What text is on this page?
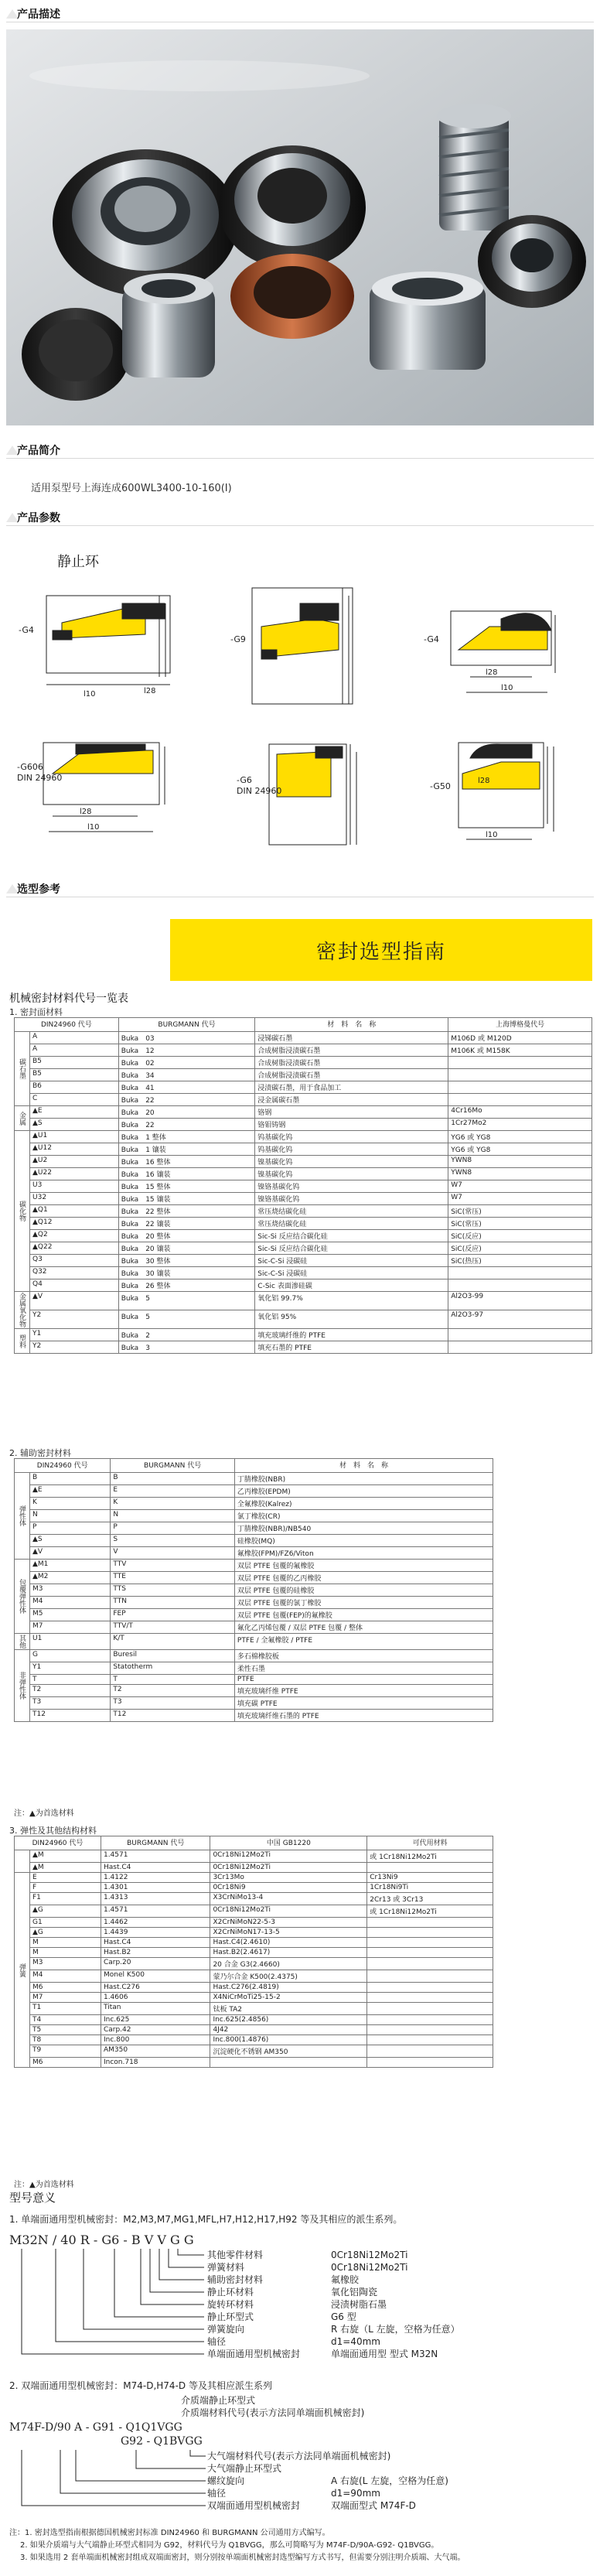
产品描述
产品简介
适用泵型号上海连成600WL3400-10-160(I)
产品参数
静止环
l28
l10
l28
l10
l28
l10
l10
l28
-G4
-G9	-G4
-G606
DIN 24960	-G6
DIN 24960	-G50
选型参考
密封选型指南
机械密封材料代号一览表
1. 密封面材料
DIN24960 代号		BURGMANN 代号	材　料　名　称	上海博格曼代号
碳石墨	A	Buka　03	浸锑碳石墨	M106D 或 M120D
	A	Buka　12	合成树脂浸渍碳石墨	M106K 或 M158K
	B5	Buka　02	合成树脂浸渍碳石墨	
	B5	Buka　34	合成树脂浸渍碳石墨	
	B6	Buka　41	浸渍碳石墨，用于食品加工	
	C	Buka　22	浸金属碳石墨	
金属	▲E	Buka　20	铬钢	4Cr16Mo
	▲S	Buka　22	铬钼铸钢	1Cr27Mo2
碳化物	▲U1	Buka　1 整体	钨基碳化钨	YG6 或 YG8
	▲U12	Buka　1 镶装	钨基碳化钨	YG6 或 YG8
	▲U2	Buka　16 整体	镍基碳化钨	YWN8
	▲U22	Buka　16 镶装	镍基碳化钨	YWN8
	U3	Buka　15 整体	镍铬基碳化钨	W7
	U32	Buka　15 镶装	镍铬基碳化钨	W7
	▲Q1	Buka　22 整体	常压烧结碳化硅	SiC(常压)
	▲Q12	Buka　22 镶装	常压烧结碳化硅	SiC(常压)
	▲Q2	Buka　20 整体	Sic-Si 反应结合碳化硅	SiC(反应)
	▲Q22	Buka　20 镶装	Sic-Si 反应结合碳化硅	SiC(反应)
	Q3	Buka　30 整体	Sic-C-Si 浸碳硅	SiC(热压)
	Q32	Buka　30 镶装	Sic-C-Si 浸碳硅	
	Q4	Buka　26 整体	C-Sic 表面渗硅碳	
金属氧化物	▲V	Buka　5	氧化铝 99.7%	Al2O3-99
	Y2	Buka　5	氧化铝 95%	Al2O3-97
塑料	Y1	Buka　2	填充玻璃纤维的 PTFE	
	Y2	Buka　3	填充石墨的 PTFE	
2. 辅助密封材料
DIN24960 代号		BURGMANN 代号	材　料　名　称
弹性体	B	B	丁腈橡胶(NBR)
	▲E	E	乙丙橡胶(EPDM)
	K	K	全氟橡胶(Kalrez)
	N	N	氯丁橡胶(CR)
	P	P	丁腈橡胶(NBR)/NB540
	▲S	S	硅橡胶(MQ)
	▲V	V	氟橡胶(FPM)/FZ6/Viton
包覆弹性体	▲M1	TTV	双层 PTFE 包覆的氟橡胶
	▲M2	TTE	双层 PTFE 包覆的乙丙橡胶
	M3	TTS	双层 PTFE 包覆的硅橡胶
	M4	TTN	双层 PTFE 包覆的氯丁橡胶
	M5	FEP	双层 PTFE 包覆(FEP)的氟橡胶
	M7	TTV/T	氟化乙丙烯包覆 / 双层 PTFE 包覆 / 整体
其他	U1	K/T	PTFE / 全氟橡胶 / PTFE
非弹性体	G	Buresil	多石棉橡胶板
	Y1	Statotherm	柔性石墨
	T	T	PTFE
	T2	T2	填充玻璃纤维 PTFE
	T3	T3	填充碳 PTFE
	T12	T12	填充玻璃纤维石墨的 PTFE
注：▲为首选材料
3. 弹性及其他结构材料
DIN24960 代号		BURGMANN 代号	中国 GB1220	可代用材料
	▲M	1.4571	0Cr18Ni12Mo2Ti	或 1Cr18Ni12Mo2Ti
	▲M	Hast.C4	0Cr18Ni12Mo2Ti	
弹簧	E	1.4122	3Cr13Mo	Cr13Ni9
	F	1.4301	0Cr18Ni9	1Cr18Ni9Ti
	F1	1.4313	X3CrNiMo13-4	2Cr13 或 3Cr13
	▲G	1.4571	0Cr18Ni12Mo2Ti	或 1Cr18Ni12Mo2Ti
	G1	1.4462	X2CrNiMoN22-5-3	
	▲G	1.4439	X2CrNiMoN17-13-5	
	M	Hast.C4	Hast.C4(2.4610)	
	M	Hast.B2	Hast.B2(2.4617)	
	M3	Carp.20	20 合金 G3(2.4660)	
	M4	Monel K500	蒙乃尔合金 K500(2.4375)	
	M6	Hast.C276	Hast.C276(2.4819)	
	M7	1.4606	X4NiCrMoTi25-15-2	
	T1	Titan	钛板 TA2	
	T4	Inc.625	Inc.625(2.4856)	
	T5	Carp.42	4J42	
	T8	Inc.800	Inc.800(1.4876)	
	T9	AM350	沉淀硬化不锈钢 AM350	
	M6	Incon.718		
注：▲为首选材料
型号意义
1. 单端面通用型机械密封：M2,M3,M7,MG1,MFL,H7,H12,H17,H92 等及其相应的派生系列。
M32N / 40 R - G6 - B V V G G
其他零件材料	0Cr18Ni12Mo2Ti
弹簧材料	0Cr18Ni12Mo2Ti
辅助密封材料	氟橡胶
静止环材料	氧化铝陶瓷
旋转环材料	浸渍树脂石墨
静止环型式	G6 型
弹簧旋向	R 右旋（L 左旋，空格为任意）
轴径	d1=40mm
单端面通用型机械密封	单端面通用型 型式 M32N
2. 双端面通用型机械密封：M74-D,H74-D 等及其相应派生系列
介质端静止环型式
介质端材料代号(表示方法同单端面机械密封)
M74F-D/90 A - G91 - Q1Q1VGG
G92 - Q1BVGG
大气端材料代号(表示方法同单端面机械密封)
大气端静止环型式
螺纹旋向	A 右旋(L 左旋，空格为任意)
轴径	d1=90mm
双端面通用型机械密封	双端面型式 M74F-D
注：1. 密封选型指南根据德国机械密封标准 DIN24960 和 BURGMANN 公司通用方式编写。
2. 如果介质端与大气端静止环型式相同为 G92，材料代号为 Q1BVGG，那么可简略写为 M74F-D/90A-G92- Q1BVGG。
3. 如果选用 2 套单端面机械密封组成双端面密封，则分别按单端面机械密封选型编写方式书写，但需要分别注明介质端、大气端。
